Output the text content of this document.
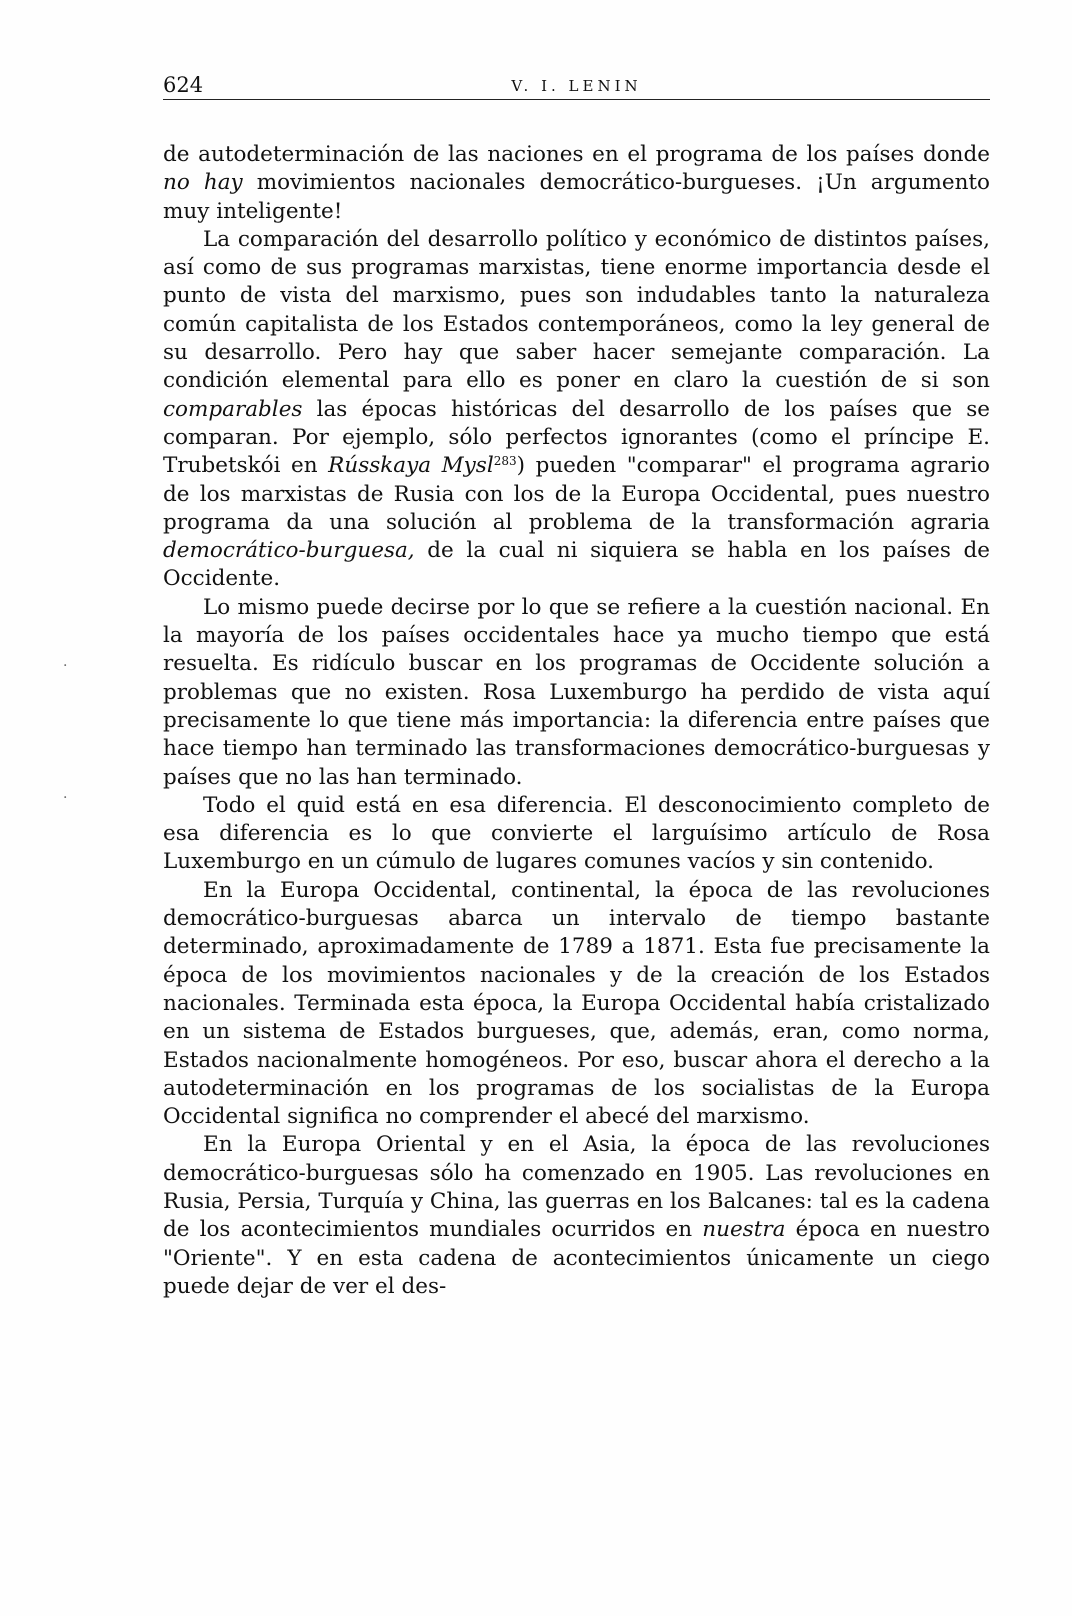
624	V. I. LENIN

de autodeterminación de las naciones en el programa de los países donde no hay movimientos nacionales democrático-burgueses. ¡Un argumento muy inteligente!

La comparación del desarrollo político y económico de distintos países, así como de sus programas marxistas, tiene enorme importancia desde el punto de vista del marxismo, pues son indudables tanto la naturaleza común capitalista de los Estados contemporáneos, como la ley general de su desarrollo. Pero hay que saber hacer semejante comparación. La condición elemental para ello es poner en claro la cuestión de si son comparables las épocas históricas del desarrollo de los países que se comparan. Por ejemplo, sólo perfectos ignorantes (como el príncipe E. Trubetskói en Rússkaya Mysl$^{283}$) pueden "comparar" el programa agrario de los marxistas de Rusia con los de la Europa Occidental, pues nuestro programa da una solución al problema de la transformación agraria democrático-burguesa, de la cual ni siquiera se habla en los países de Occidente.

Lo mismo puede decirse por lo que se refiere a la cuestión nacional. En la mayoría de los países occidentales hace ya mucho tiempo que está resuelta. Es ridículo buscar en los programas de Occidente solución a problemas que no existen. Rosa Luxemburgo ha perdido de vista aquí precisamente lo que tiene más importancia: la diferencia entre países que hace tiempo han terminado las transformaciones democrático-burguesas y países que no las han terminado.

Todo el quid está en esa diferencia. El desconocimiento completo de esa diferencia es lo que convierte el larguísimo artículo de Rosa Luxemburgo en un cúmulo de lugares comunes vacíos y sin contenido.

En la Europa Occidental, continental, la época de las revoluciones democrático-burguesas abarca un intervalo de tiempo bastante determinado, aproximadamente de 1789 a 1871. Esta fue precisamente la época de los movimientos nacionales y de la creación de los Estados nacionales. Terminada esta época, la Europa Occidental había cristalizado en un sistema de Estados burgueses, que, además, eran, como norma, Estados nacionalmente homogéneos. Por eso, buscar ahora el derecho a la autodeterminación en los programas de los socialistas de la Europa Occidental significa no comprender el abecé del marxismo.

En la Europa Oriental y en el Asia, la época de las revoluciones democrático-burguesas sólo ha comenzado en 1905. Las revoluciones en Rusia, Persia, Turquía y China, las guerras en los Balcanes: tal es la cadena de los acontecimientos mundiales ocurridos en nuestra época en nuestro "Oriente". Y en esta cadena de acontecimientos únicamente un ciego puede dejar de ver el des-

·
·
